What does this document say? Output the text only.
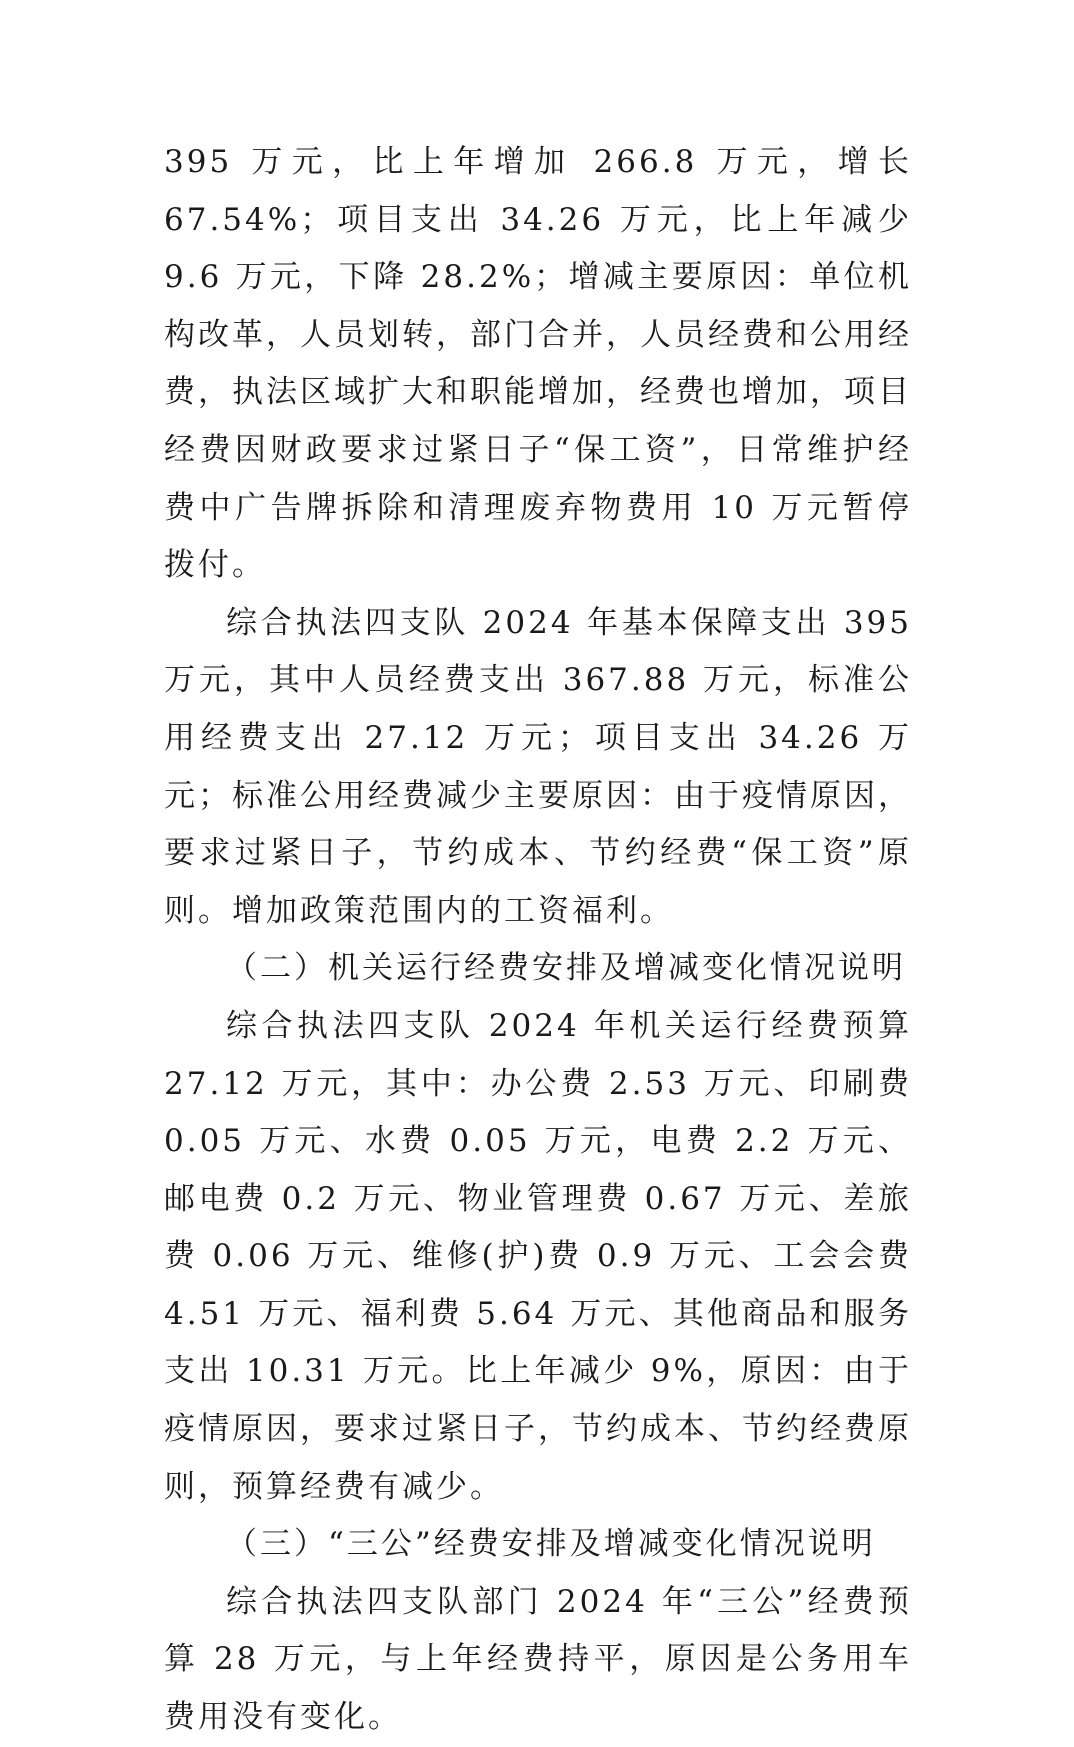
395 万元，比上年增加 266.8 万元，增长 67.54%；项目支出 34.26 万元，比上年减少 9.6 万元，下降 28.2%；增减主要原因：单位机构改革，人员划转，部门合并，人员经费和公用经费，执法区域扩大和职能增加，经费也增加，项目经费因财政要求过紧日子“保工资”，日常维护经费中广告牌拆除和清理废弃物费用 10 万元暂停拨付。

综合执法四支队 2024 年基本保障支出 395 万元，其中人员经费支出 367.88 万元，标准公用经费支出 27.12 万元；项目支出 34.26 万元；标准公用经费减少主要原因：由于疫情原因，要求过紧日子，节约成本、节约经费“保工资”原则。增加政策范围内的工资福利。

（二）机关运行经费安排及增减变化情况说明

综合执法四支队 2024 年机关运行经费预算 27.12 万元，其中：办公费 2.53 万元、印刷费 0.05 万元、水费 0.05 万元，电费 2.2 万元、邮电费 0.2 万元、物业管理费 0.67 万元、差旅费 0.06 万元、维修(护)费 0.9 万元、工会会费 4.51 万元、福利费 5.64 万元、其他商品和服务支出 10.31 万元。比上年减少 9%，原因：由于疫情原因，要求过紧日子，节约成本、节约经费原则，预算经费有减少。

（三）“三公”经费安排及增减变化情况说明

综合执法四支队部门 2024 年“三公”经费预算 28 万元，与上年经费持平，原因是公务用车费用没有变化。
